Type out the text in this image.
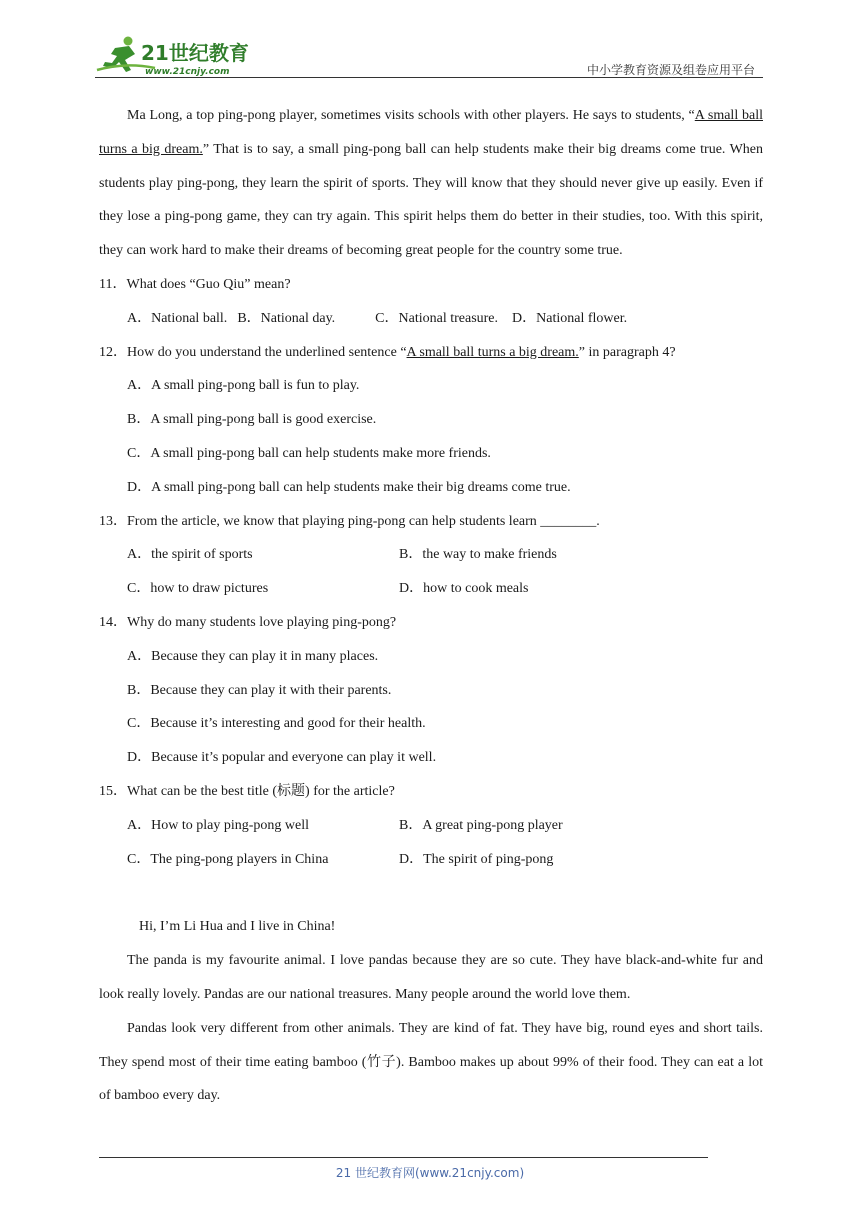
21世纪教育
www.21cnjy.com	中小学教育资源及组卷应用平台

Ma Long, a top ping-pong player, sometimes visits schools with other players. He says to students, “A small ball turns a big dream.” That is to say, a small ping-pong ball can help students make their big dreams come true. When students play ping-pong, they learn the spirit of sports. They will know that they should never give up easily. Even if they lose a ping-pong game, they can try again. This spirit helps them do better in their studies, too. With this spirit, they can work hard to make their dreams of becoming great people for the country some true.

11．What does “Guo Qiu” mean?

A．National ball. B．National day.	C．National treasure. D．National flower.

12．How do you understand the underlined sentence “A small ball turns a big dream.” in paragraph 4?

A．A small ping-pong ball is fun to play.

B．A small ping-pong ball is good exercise.

C．A small ping-pong ball can help students make more friends.

D．A small ping-pong ball can help students make their big dreams come true.

13．From the article, we know that playing ping-pong can help students learn ________.

A．the spirit of sports	B．the way to make friends
C．how to draw pictures	D．how to cook meals

14．Why do many students love playing ping-pong?

A．Because they can play it in many places.

B．Because they can play it with their parents.

C．Because it’s interesting and good for their health.

D．Because it’s popular and everyone can play it well.

15．What can be the best title (标题) for the article?

A．How to play ping-pong well	B．A great ping-pong player
C．The ping-pong players in China	D．The spirit of ping-pong

Hi, I’m Li Hua and I live in China!

The panda is my favourite animal. I love pandas because they are so cute. They have black-and-white fur and look really lovely. Pandas are our national treasures. Many people around the world love them.

Pandas look very different from other animals. They are kind of fat. They have big, round eyes and short tails. They spend most of their time eating bamboo (竹子). Bamboo makes up about 99% of their food. They can eat a lot of bamboo every day.

21 世纪教育网(www.21cnjy.com)
